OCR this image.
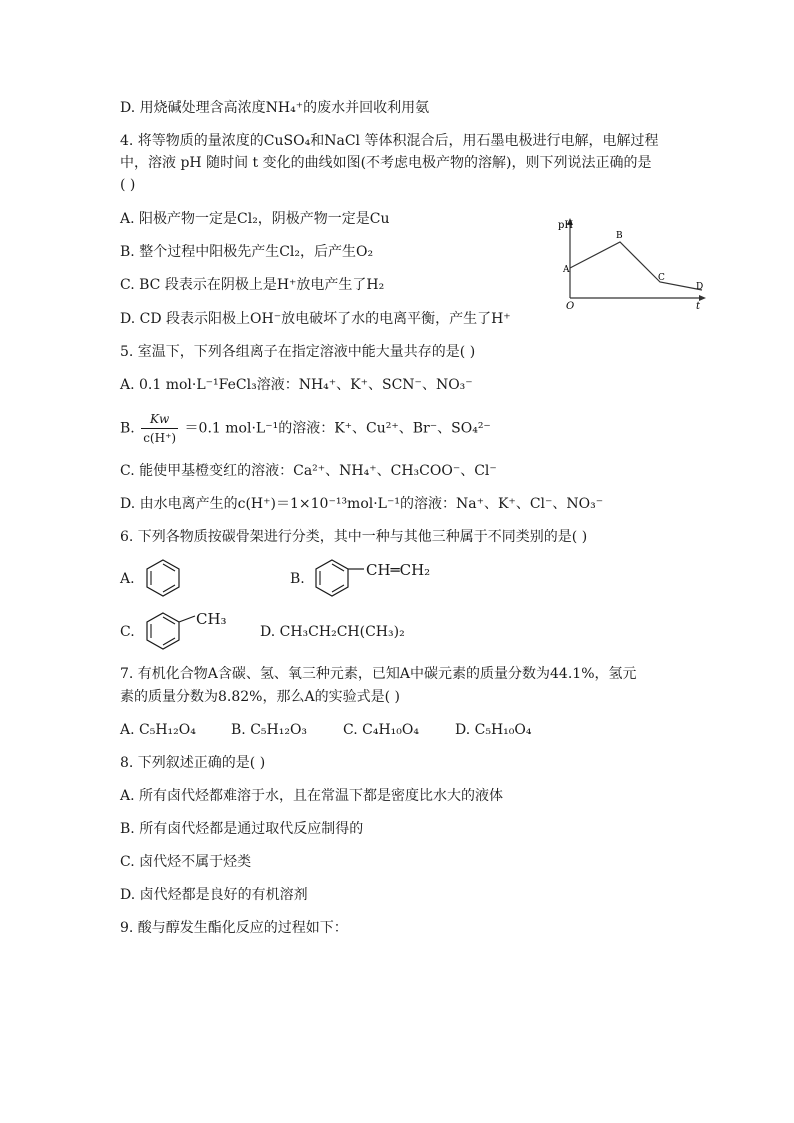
D. 用烧碱处理含高浓度NH₄⁺的废水并回收利用氨
4. 将等物质的量浓度的CuSO₄和NaCl 等体积混合后，用石墨电极进行电解，电解过程
中，溶液 pH 随时间 t 变化的曲线如图(不考虑电极产物的溶解)，则下列说法正确的是
( )
A. 阳极产物一定是Cl₂，阴极产物一定是Cu
B. 整个过程中阳极先产生Cl₂，后产生O₂
C. BC 段表示在阴极上是H⁺放电产生了H₂
D. CD 段表示阳极上OH⁻放电破坏了水的电离平衡，产生了H⁺
pH
t
O
A
B
C
D
5. 室温下，下列各组离子在指定溶液中能大量共存的是( )
A. 0.1 mol·L⁻¹FeCl₃溶液：NH₄⁺、K⁺、SCN⁻、NO₃⁻
B. $\frac{Kw}{c(H^+)} =0.1$ mol·L⁻¹的溶液：K⁺、Cu²⁺、Br⁻、SO₄²⁻
C. 能使甲基橙变红的溶液：Ca²⁺、NH₄⁺、CH₃COO⁻、Cl⁻
D. 由水电离产生的c(H⁺)＝1×10⁻¹³mol·L⁻¹的溶液：Na⁺、K⁺、Cl⁻、NO₃⁻
6. 下列各物质按碳骨架进行分类，其中一种与其他三种属于不同类别的是( )
A.	B.	CH═CH₂
C.
CH₃
D. CH₃CH₂CH(CH₃)₂
7. 有机化合物A含碳、氢、氧三种元素，已知A中碳元素的质量分数为44.1%，氢元
素的质量分数为8.82%，那么A的实验式是( )
A. C₅H₁₂O₄	B. C₅H₁₂O₃	C. C₄H₁₀O₄	D. C₅H₁₀O₄
8. 下列叙述正确的是( )
A. 所有卤代烃都难溶于水，且在常温下都是密度比水大的液体
B. 所有卤代烃都是通过取代反应制得的
C. 卤代烃不属于烃类
D. 卤代烃都是良好的有机溶剂
9. 酸与醇发生酯化反应的过程如下：
